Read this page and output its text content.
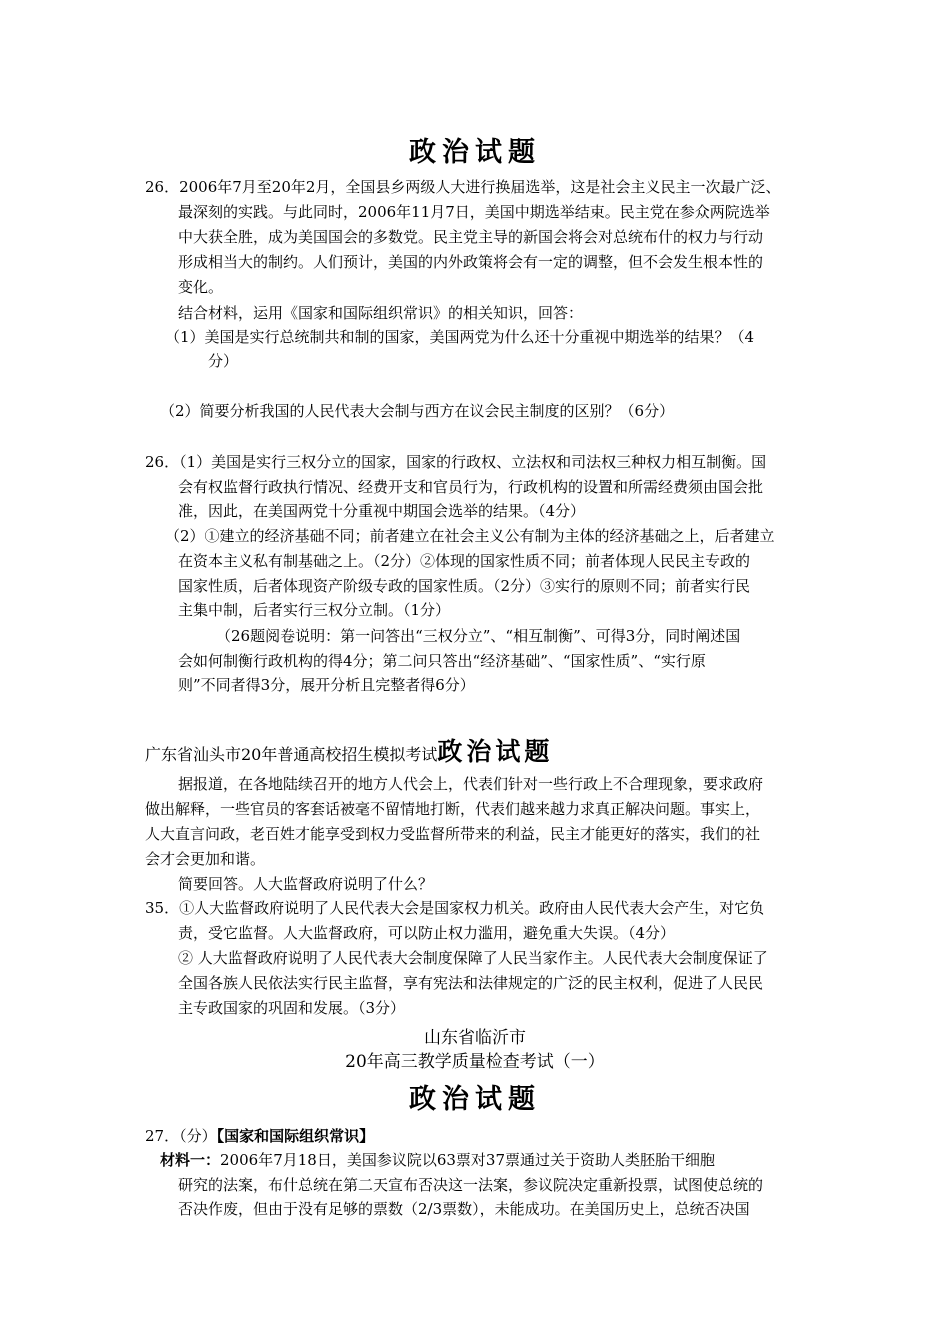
政治试题
26．2006年7月至20年2月，全国县乡两级人大进行换届选举，这是社会主义民主一次最广泛、
最深刻的实践。与此同时，2006年11月7日，美国中期选举结束。民主党在参众两院选举
中大获全胜，成为美国国会的多数党。民主党主导的新国会将会对总统布什的权力与行动
形成相当大的制约。人们预计，美国的内外政策将会有一定的调整，但不会发生根本性的
变化。
结合材料，运用《国家和国际组织常识》的相关知识，回答：
（1）美国是实行总统制共和制的国家，美国两党为什么还十分重视中期选举的结果？（4
分）
（2）简要分析我国的人民代表大会制与西方在议会民主制度的区别？（6分）
26．（1）美国是实行三权分立的国家，国家的行政权、立法权和司法权三种权力相互制衡。国
会有权监督行政执行情况、经费开支和官员行为，行政机构的设置和所需经费须由国会批
准，因此，在美国两党十分重视中期国会选举的结果。（4分）
（2）①建立的经济基础不同；前者建立在社会主义公有制为主体的经济基础之上，后者建立
在资本主义私有制基础之上。（2分）②体现的国家性质不同；前者体现人民民主专政的
国家性质，后者体现资产阶级专政的国家性质。（2分）③实行的原则不同；前者实行民
主集中制，后者实行三权分立制。（1分）
（26题阅卷说明：第一问答出“三权分立”、“相互制衡”、可得3分，同时阐述国
会如何制衡行政机构的得4分；第二问只答出“经济基础”、“国家性质”、“实行原
则”不同者得3分，展开分析且完整者得6分）
广东省汕头市20年普通高校招生模拟考试政治试题
据报道，在各地陆续召开的地方人代会上，代表们针对一些行政上不合理现象，要求政府
做出解释，一些官员的客套话被毫不留情地打断，代表们越来越力求真正解决问题。事实上，
人大直言问政，老百姓才能享受到权力受监督所带来的利益，民主才能更好的落实，我们的社
会才会更加和谐。
简要回答。人大监督政府说明了什么？
35．①人大监督政府说明了人民代表大会是国家权力机关。政府由人民代表大会产生，对它负
责，受它监督。人大监督政府，可以防止权力滥用，避免重大失误。（4分）
② 人大监督政府说明了人民代表大会制度保障了人民当家作主。人民代表大会制度保证了
全国各族人民依法实行民主监督，享有宪法和法律规定的广泛的民主权利，促进了人民民
主专政国家的巩固和发展。（3分）
山东省临沂市
20年高三教学质量检查考试（一）
政治试题
27．（分）【国家和国际组织常识】
材料一：2006年7月18日，美国参议院以63票对37票通过关于资助人类胚胎干细胞
研究的法案，布什总统在第二天宣布否决这一法案，参议院决定重新投票，试图使总统的
否决作废，但由于没有足够的票数（2/3票数），未能成功。在美国历史上，总统否决国
